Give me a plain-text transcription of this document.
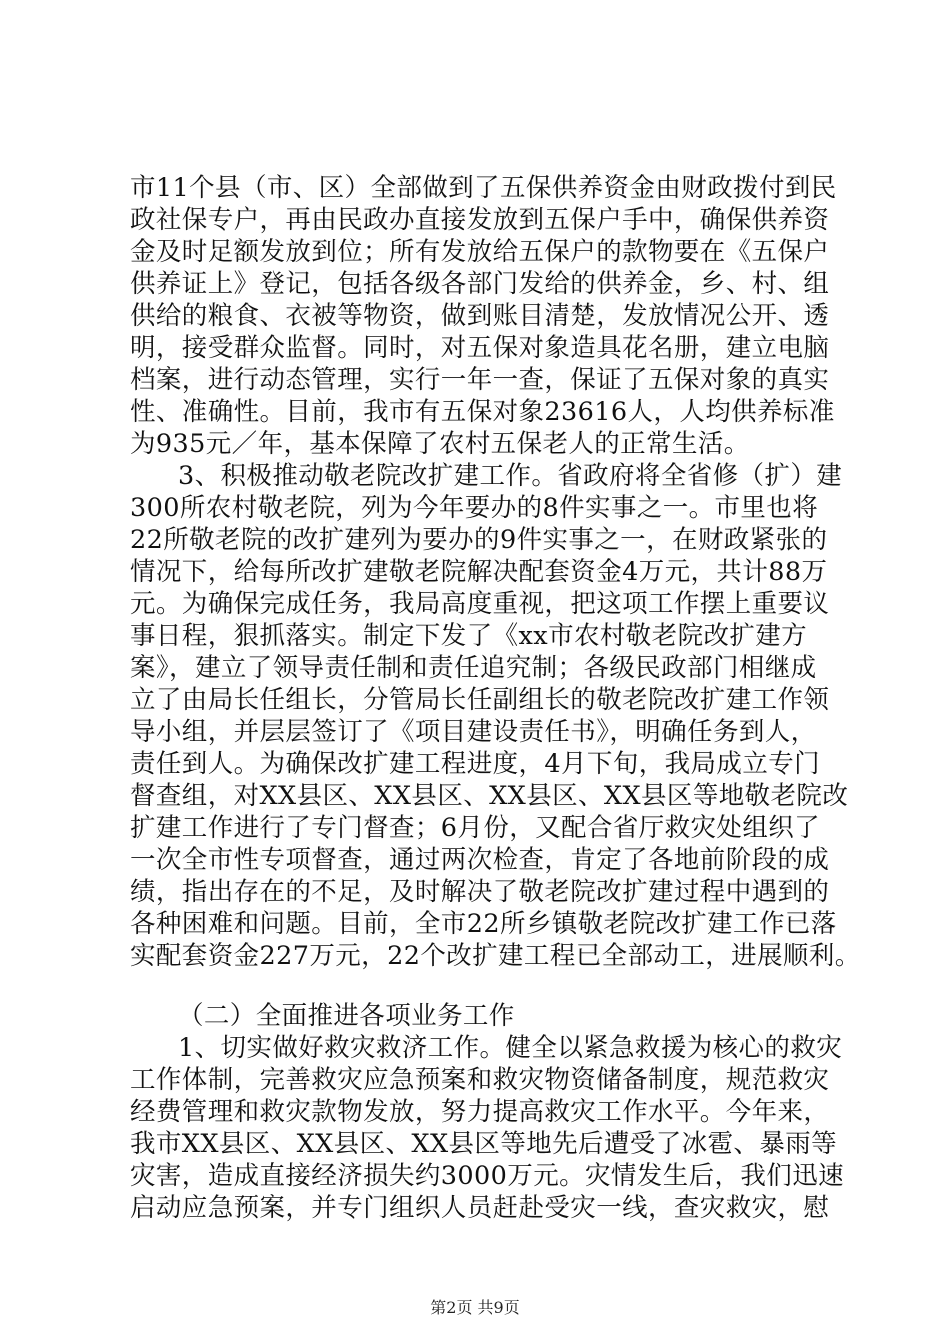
市11个县（市、区）全部做到了五保供养资金由财政拨付到民
政社保专户，再由民政办直接发放到五保户手中，确保供养资
金及时足额发放到位；所有发放给五保户的款物要在《五保户
供养证上》登记，包括各级各部门发给的供养金，乡、村、组
供给的粮食、衣被等物资，做到账目清楚，发放情况公开、透
明，接受群众监督。同时，对五保对象造具花名册，建立电脑
档案，进行动态管理，实行一年一查，保证了五保对象的真实
性、准确性。目前，我市有五保对象23616人，人均供养标准
为935元／年，基本保障了农村五保老人的正常生活。
3、积极推动敬老院改扩建工作。省政府将全省修（扩）建
300所农村敬老院，列为今年要办的8件实事之一。市里也将
22所敬老院的改扩建列为要办的9件实事之一，在财政紧张的
情况下，给每所改扩建敬老院解决配套资金4万元，共计88万
元。为确保完成任务，我局高度重视，把这项工作摆上重要议
事日程，狠抓落实。制定下发了《xx市农村敬老院改扩建方
案》，建立了领导责任制和责任追究制；各级民政部门相继成
立了由局长任组长，分管局长任副组长的敬老院改扩建工作领
导小组，并层层签订了《项目建设责任书》，明确任务到人，
责任到人。为确保改扩建工程进度，4月下旬，我局成立专门
督查组，对XX县区、XX县区、XX县区、XX县区等地敬老院改
扩建工作进行了专门督查；6月份，又配合省厅救灾处组织了
一次全市性专项督查，通过两次检查，肯定了各地前阶段的成
绩，指出存在的不足，及时解决了敬老院改扩建过程中遇到的
各种困难和问题。目前，全市22所乡镇敬老院改扩建工作已落
实配套资金227万元，22个改扩建工程已全部动工，进展顺利。
（二）全面推进各项业务工作
1、切实做好救灾救济工作。健全以紧急救援为核心的救灾
工作体制，完善救灾应急预案和救灾物资储备制度，规范救灾
经费管理和救灾款物发放，努力提高救灾工作水平。今年来，
我市XX县区、XX县区、XX县区等地先后遭受了冰雹、暴雨等
灾害，造成直接经济损失约3000万元。灾情发生后，我们迅速
启动应急预案，并专门组织人员赶赴受灾一线，查灾救灾，慰
第2页 共9页
